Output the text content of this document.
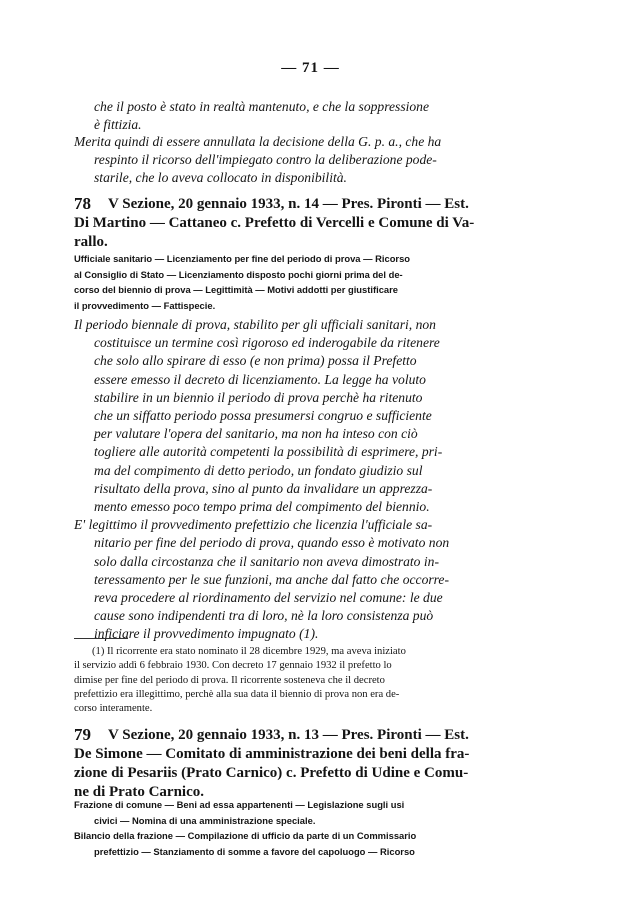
— 71 —
che il posto è stato in realtà mantenuto, e che la soppressione
è fittizia.
Merita quindi di essere annullata la decisione della G. p. a., che ha
respinto il ricorso dell'impiegato contro la deliberazione pode-
starile, che lo aveva collocato in disponibilità.
78 V Sezione, 20 gennaio 1933, n. 14 — Pres. Pironti — Est.
Di Martino — Cattaneo c. Prefetto di Vercelli e Comune di Va-
rallo.
Ufficiale sanitario — Licenziamento per fine del periodo di prova — Ricorso
al Consiglio di Stato — Licenziamento disposto pochi giorni prima del de-
corso del biennio di prova — Legittimità — Motivi addotti per giustificare
il provvedimento — Fattispecie.
Il periodo biennale di prova, stabilito per gli ufficiali sanitari, non
costituisce un termine così rigoroso ed inderogabile da ritenere
che solo allo spirare di esso (e non prima) possa il Prefetto
essere emesso il decreto di licenziamento. La legge ha voluto
stabilire in un biennio il periodo di prova perchè ha ritenuto
che un siffatto periodo possa presumersi congruo e sufficiente
per valutare l'opera del sanitario, ma non ha inteso con ciò
togliere alle autorità competenti la possibilità di esprimere, pri-
ma del compimento di detto periodo, un fondato giudizio sul
risultato della prova, sino al punto da invalidare un apprezza-
mento emesso poco tempo prima del compimento del biennio.
E' legittimo il provvedimento prefettizio che licenzia l'ufficiale sa-
nitario per fine del periodo di prova, quando esso è motivato non
solo dalla circostanza che il sanitario non aveva dimostrato in-
teressamento per le sue funzioni, ma anche dal fatto che occorre-
reva procedere al riordinamento del servizio nel comune: le due
cause sono indipendenti tra di loro, nè la loro consistenza può
inficiare il provvedimento impugnato (1).
(1) Il ricorrente era stato nominato il 28 dicembre 1929, ma aveva iniziato
il servizio addì 6 febbraio 1930. Con decreto 17 gennaio 1932 il prefetto lo
dimise per fine del periodo di prova. Il ricorrente sosteneva che il decreto
prefettizio era illegittimo, perchè alla sua data il biennio di prova non era de-
corso interamente.
79 V Sezione, 20 gennaio 1933, n. 13 — Pres. Pironti — Est.
De Simone — Comitato di amministrazione dei beni della fra-
zione di Pesariis (Prato Carnico) c. Prefetto di Udine e Comu-
ne di Prato Carnico.
Frazione di comune — Beni ad essa appartenenti — Legislazione sugli usi
civici — Nomina di una amministrazione speciale.
Bilancio della frazione — Compilazione di ufficio da parte di un Commissario
prefettizio — Stanziamento di somme a favore del capoluogo — Ricorso
